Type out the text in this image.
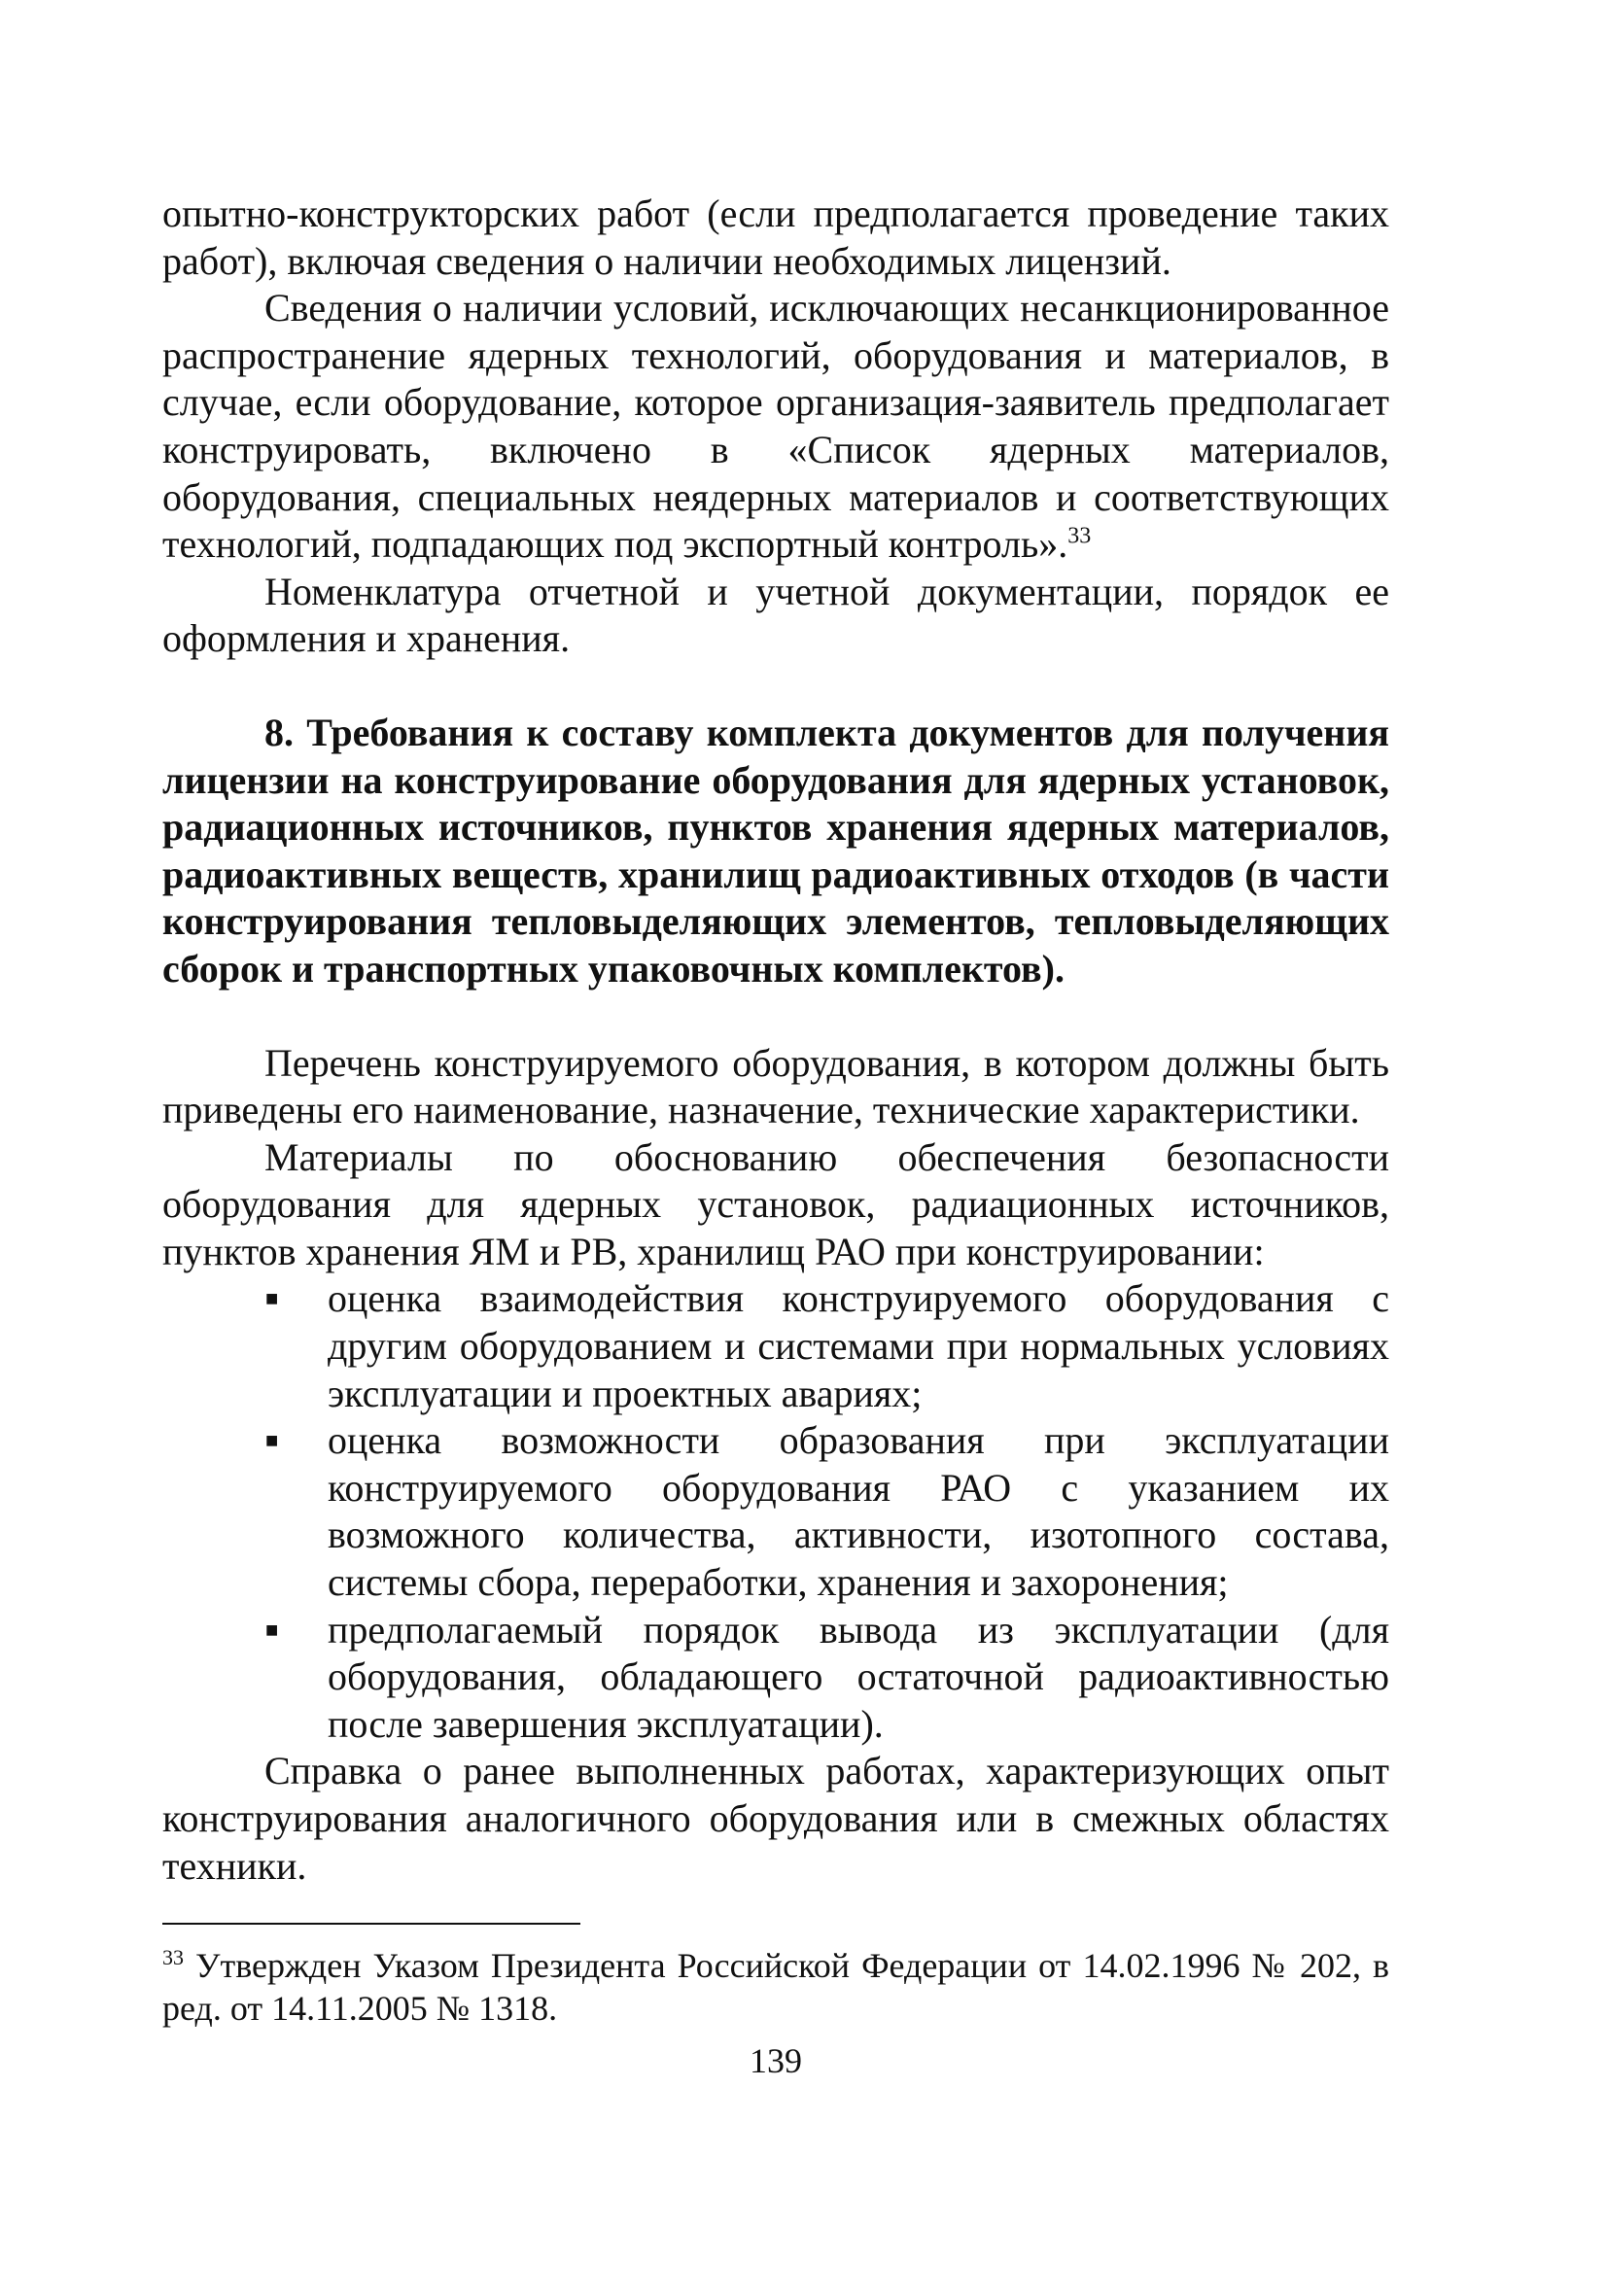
опытно-конструкторских работ (если предполагается проведение таких работ), включая сведения о наличии необходимых лицензий.

Сведения о наличии условий, исключающих несанкционированное распространение ядерных технологий, оборудования и материалов, в случае, если оборудование, которое организация-заявитель предполагает конструировать, включено в «Список ядерных материалов, оборудования, специальных неядерных материалов и соответствующих технологий, подпадающих под экспортный контроль».$^{33}$

Номенклатура отчетной и учетной документации, порядок ее оформления и хранения.

8. Требования к составу комплекта документов для получения лицензии на конструирование оборудования для ядерных установок, радиационных источников, пунктов хранения ядерных материалов, радиоактивных веществ, хранилищ радиоактивных отходов (в части конструирования тепловыделяющих элементов, тепловыделяющих сборок и транспортных упаковочных комплектов).

Перечень конструируемого оборудования, в котором должны быть приведены его наименование, назначение, технические характеристики.

Материалы по обоснованию обеспечения безопасности оборудования для ядерных установок, радиационных источников, пунктов хранения ЯМ и РВ, хранилищ РАО при конструировании:

■ оценка взаимодействия конструируемого оборудования с другим оборудованием и системами при нормальных условиях эксплуатации и проектных авариях;
■ оценка возможности образования при эксплуатации конструируемого оборудования РАО с указанием их возможного количества, активности, изотопного состава, системы сбора, переработки, хранения и захоронения;
■ предполагаемый порядок вывода из эксплуатации (для оборудования, обладающего остаточной радиоактивностью после завершения эксплуатации).

Справка о ранее выполненных работах, характеризующих опыт конструирования аналогичного оборудования или в смежных областях техники.

$^{33}$ Утвержден Указом Президента Российской Федерации от 14.02.1996 № 202, в ред. от 14.11.2005 № 1318.

139
